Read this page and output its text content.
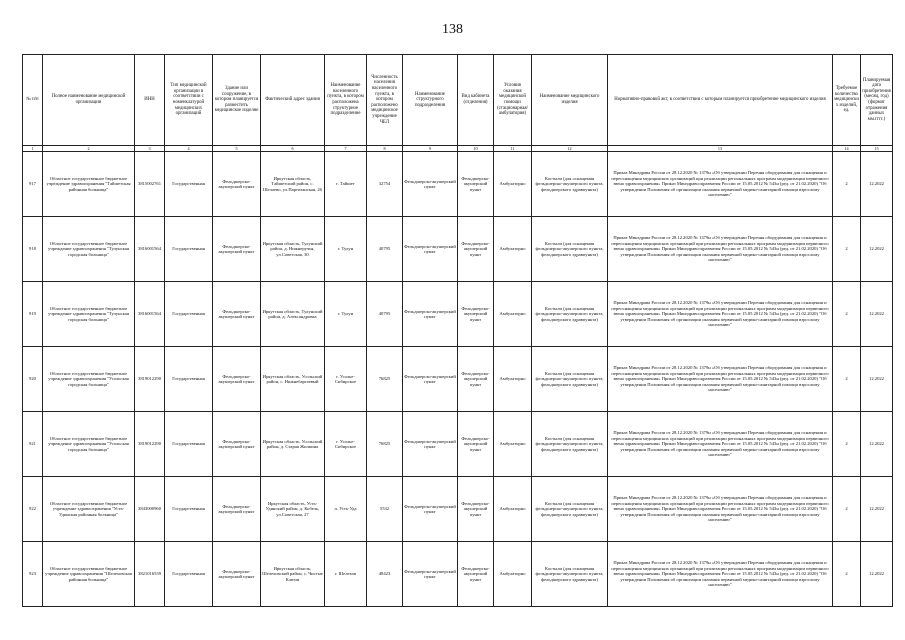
138
№ п/п	Полное наименование медицинской организации	ИНН	Тип медицинской организации в соответствии с номенклатурой медицинских организаций	Здание или сооружение, в котором планируется разместить медицинское изделие	Фактический адрес здания	Наименование населенного пункта, в котором расположена структурное подразделение	Численность населения населенного пункта, в котором расположено медицинское учреждение ЧЕЛ	Наименование структурного подразделения	Вид кабинета (отделения)	Условия оказания медицинской помощи (стационарная/ амбулатория)	Наименование медицинского изделия	Нормативно-правовой акт, в соответствии с которым планируется приобретение медицинского изделия	Требуемое количество медицинских изделий, ед.	Планируемая дата приобретения (месяц, год) (формат отражения данных мм.гггг.)
1	2	3	4	5	6	7	8	9	10	11	12	13	14	15
917	Областное государственное бюджетное учреждение здравоохранения "Тайшетская районная больница"	3815002761	Государственная	Фельдшерско-акушерский пункт	Иркутская область, Тайшетский район, с. Шелаево, ул.Партизанская, 26	г. Тайшет	32754	Фельдшерско-акушерский пункт	Фельдшерско-акушерский пункт	Амбулаторно	Костыли (для оснащения фельдшерско-акушерского пункта, фельдшерского здравпункта)	Приказ Минздрава России от 28.12.2020 № 1379н «Об утверждении Перечня оборудования для оснащения и переоснащения медицинских организаций при реализации региональных программ модернизации первичного звена здравоохранения» Приказ Минздравсоцразвития России от 15.05.2012 № 543н (ред. от 21.02.2020) "Об утверждении Положения об организации оказания первичной медико-санитарной помощи взрослому населению"	2	12.2022
918	Областное государственное бюджетное учреждение здравоохранения "Тулунская городская больница"	3816001564	Государственная	Фельдшерско-акушерский пункт	Иркутская область, Тулунский район, д. Нижнеручья, ул.Советская, 30	г. Тулун	40795	Фельдшерско-акушерский пункт	Фельдшерско-акушерский пункт	Амбулаторно	Костыли (для оснащения фельдшерско-акушерского пункта, фельдшерского здравпункта)	Приказ Минздрава России от 28.12.2020 № 1379н «Об утверждении Перечня оборудования для оснащения и переоснащения медицинских организаций при реализации региональных программ модернизации первичного звена здравоохранения» Приказ Минздравсоцразвития России от 15.05.2012 № 543н (ред. от 21.02.2020) "Об утверждении Положения об организации оказания первичной медико-санитарной помощи взрослому населению"	2	12.2022
919	Областное государственное бюджетное учреждение здравоохранения "Тулунская городская больница"	3816001564	Государственная	Фельдшерско-акушерский пункт	Иркутская область, Тулунский район, д. Александровка	г. Тулун	40795	Фельдшерско-акушерский пункт	Фельдшерско-акушерский пункт	Амбулаторно	Костыли (для оснащения фельдшерско-акушерского пункта, фельдшерского здравпункта)	Приказ Минздрава России от 28.12.2020 № 1379н «Об утверждении Перечня оборудования для оснащения и переоснащения медицинских организаций при реализации региональных программ модернизации первичного звена здравоохранения» Приказ Минздравсоцразвития России от 15.05.2012 № 543н (ред. от 21.02.2020) "Об утверждении Положения об организации оказания первичной медико-санитарной помощи взрослому населению"	2	12.2022
920	Областное государственное бюджетное учреждение здравоохранения "Усольская городская больница"	3819012290	Государственная	Фельдшерско-акушерский пункт	Иркутская область, Усольский район, с. Нижнебаргаевый	г. Усолье-Сибирское	76825	Фельдшерско-акушерский пункт	Фельдшерско-акушерский пункт	Амбулаторно	Костыли (для оснащения фельдшерско-акушерского пункта, фельдшерского здравпункта)	Приказ Минздрава России от 28.12.2020 № 1379н «Об утверждении Перечня оборудования для оснащения и переоснащения медицинских организаций при реализации региональных программ модернизации первичного звена здравоохранения» Приказ Минздравсоцразвития России от 15.05.2012 № 543н (ред. от 21.02.2020) "Об утверждении Положения об организации оказания первичной медико-санитарной помощи взрослому населению"	2	12.2022
921	Областное государственное бюджетное учреждение здравоохранения "Усольская городская больница"	3819012290	Государственная	Фельдшерско-акушерский пункт	Иркутская область, Усольский район, д. Старая Жилкина	г. Усолье-Сибирское	76825	Фельдшерско-акушерский пункт	Фельдшерско-акушерский пункт	Амбулаторно	Костыли (для оснащения фельдшерско-акушерского пункта, фельдшерского здравпункта)	Приказ Минздрава России от 28.12.2020 № 1379н «Об утверждении Перечня оборудования для оснащения и переоснащения медицинских организаций при реализации региональных программ модернизации первичного звена здравоохранения» Приказ Минздравсоцразвития России от 15.05.2012 № 543н (ред. от 21.02.2020) "Об утверждении Положения об организации оказания первичной медико-санитарной помощи взрослому населению"	2	12.2022
922	Областное государственное бюджетное учреждение здравоохранения "Усть-Удинская районная больница"	3843000960	Государственная	Фельдшерско-акушерский пункт	Иркутская область, Усть-Удинский район, д. Кобель, ул.Советская, 27	п. Усть-Уда	5532	Фельдшерско-акушерский пункт	Фельдшерско-акушерский пункт	Амбулаторно	Костыли (для оснащения фельдшерско-акушерского пункта, фельдшерского здравпункта)	Приказ Минздрава России от 28.12.2020 № 1379н «Об утверждении Перечня оборудования для оснащения и переоснащения медицинских организаций при реализации региональных программ модернизации первичного звена здравоохранения» Приказ Минздравсоцразвития России от 15.05.2012 № 543н (ред. от 21.02.2020) "Об утверждении Положения об организации оказания первичной медико-санитарной помощи взрослому населению"	2	12.2022
923	Областное государственное бюджетное учреждение здравоохранения "Шелеховская районная больница"	3821016539	Государственная	Фельдшерско-акушерский пункт	Иркутская область, Шелеховский район, с. Чистые Ключи	г. Шелехов	48423	Фельдшерско-акушерский пункт	Фельдшерско-акушерский пункт	Амбулаторно	Костыли (для оснащения фельдшерско-акушерского пункта, фельдшерского здравпункта)	Приказ Минздрава России от 28.12.2020 № 1379н «Об утверждении Перечня оборудования для оснащения и переоснащения медицинских организаций при реализации региональных программ модернизации первичного звена здравоохранения» Приказ Минздравсоцразвития России от 15.05.2012 № 543н (ред. от 21.02.2020) "Об утверждении Положения об организации оказания первичной медико-санитарной помощи взрослому населению"	2	12.2022
